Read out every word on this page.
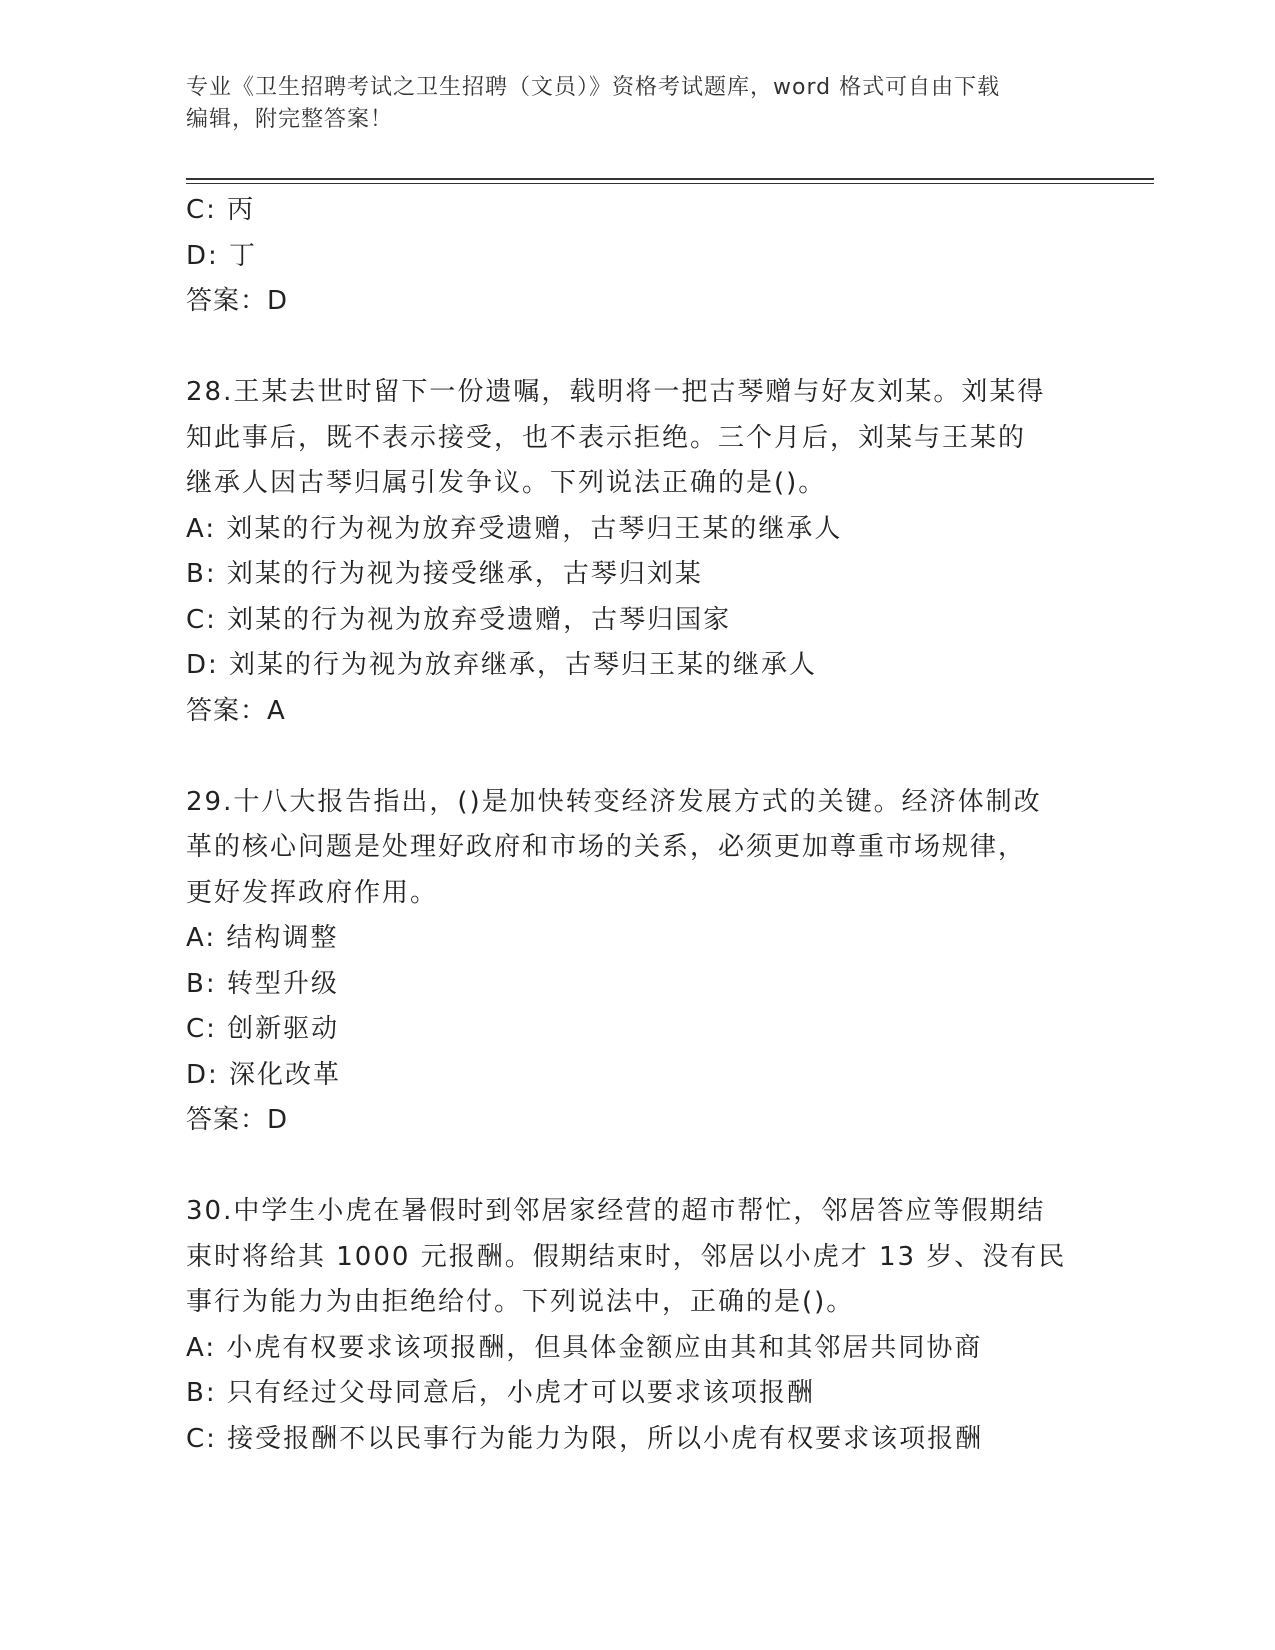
专业《卫生招聘考试之卫生招聘（文员）》资格考试题库，word 格式可自由下载
编辑，附完整答案！
C: 丙
D: 丁
答案：D
28.王某去世时留下一份遗嘱，载明将一把古琴赠与好友刘某。刘某得
知此事后，既不表示接受，也不表示拒绝。三个月后，刘某与王某的
继承人因古琴归属引发争议。下列说法正确的是()。
A: 刘某的行为视为放弃受遗赠，古琴归王某的继承人
B: 刘某的行为视为接受继承，古琴归刘某
C: 刘某的行为视为放弃受遗赠，古琴归国家
D: 刘某的行为视为放弃继承，古琴归王某的继承人
答案：A
29.十八大报告指出，()是加快转变经济发展方式的关键。经济体制改
革的核心问题是处理好政府和市场的关系，必须更加尊重市场规律，
更好发挥政府作用。
A: 结构调整
B: 转型升级
C: 创新驱动
D: 深化改革
答案：D
30.中学生小虎在暑假时到邻居家经营的超市帮忙，邻居答应等假期结
束时将给其 1000 元报酬。假期结束时，邻居以小虎才 13 岁、没有民
事行为能力为由拒绝给付。下列说法中，正确的是()。
A: 小虎有权要求该项报酬，但具体金额应由其和其邻居共同协商
B: 只有经过父母同意后，小虎才可以要求该项报酬
C: 接受报酬不以民事行为能力为限，所以小虎有权要求该项报酬
